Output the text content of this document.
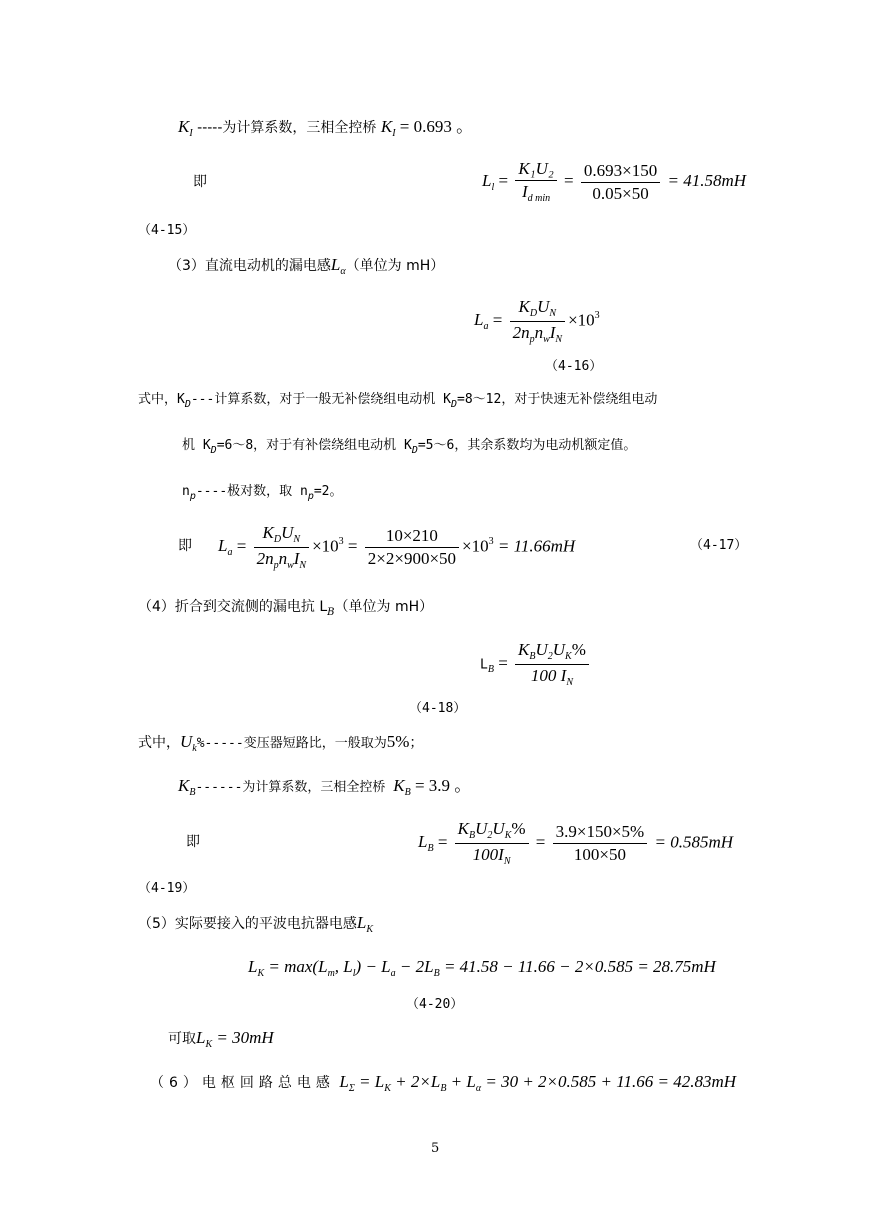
$K_I$ -----为计算系数，三相全控桥 $K_I = 0.693$ 。
即	$L_l = \frac{\text{K₁U₂}}{I_{d min}} = \frac{0.693\times 150}{0.05\times 50} = 41.58mH$
（4-15）
（3）直流电动机的漏电感$L_\alpha$（单位为 mH）
$L_a = \frac{K_DU_N}{2n_pn_wI_N} \times 10^3$
（4-16）
式中，$K_D---$计算系数，对于一般无补偿绕组电动机 $K_D=8\sim 12$，对于快速无补偿绕组电动
机 $K_D=6\sim 8$，对于有补偿绕组电动机 $K_D=5\sim 6$，其余系数均为电动机额定值。
$n_p----$极对数，取 $n_p=2$。
即 $L_a = \frac{K_DU_N}{2n_pn_wI_N} \times 10^3 = \frac{10\times 210}{2\times 2\times 900\times 50} \times 10^3 = 11.66mH$	（4-17）
（4）折合到交流侧的漏电抗 $L_B$（单位为 mH）
$L_B = \frac{K_BU_2U_K\%}{100 I_N}$
（4-18）
式中，$U_k\%-----$变压器短路比，一般取为5%；
$K_B------$为计算系数，三相全控桥 $K_B = 3.9$ 。
即	$L_B = \frac{K_BU_2U_K\%}{100I_N} = \frac{3.9\times 150\times 5\%}{100\times 50} = 0.585mH$
（4-19）
（5）实际要接入的平波电抗器电感$L_K$
$L_K = \max(L_m$, $L_l) - L_a - 2L_B = 41.58 - 11.66 - 2\times 0.585 = 28.75mH$
（4-20）
可取$L_K = 30mH$
（6）电枢回路总电感 $L_\Sigma = L_K + 2\times L_B + L_\alpha = 30 + 2\times 0.585 + 11.66 = 42.83mH$
5
